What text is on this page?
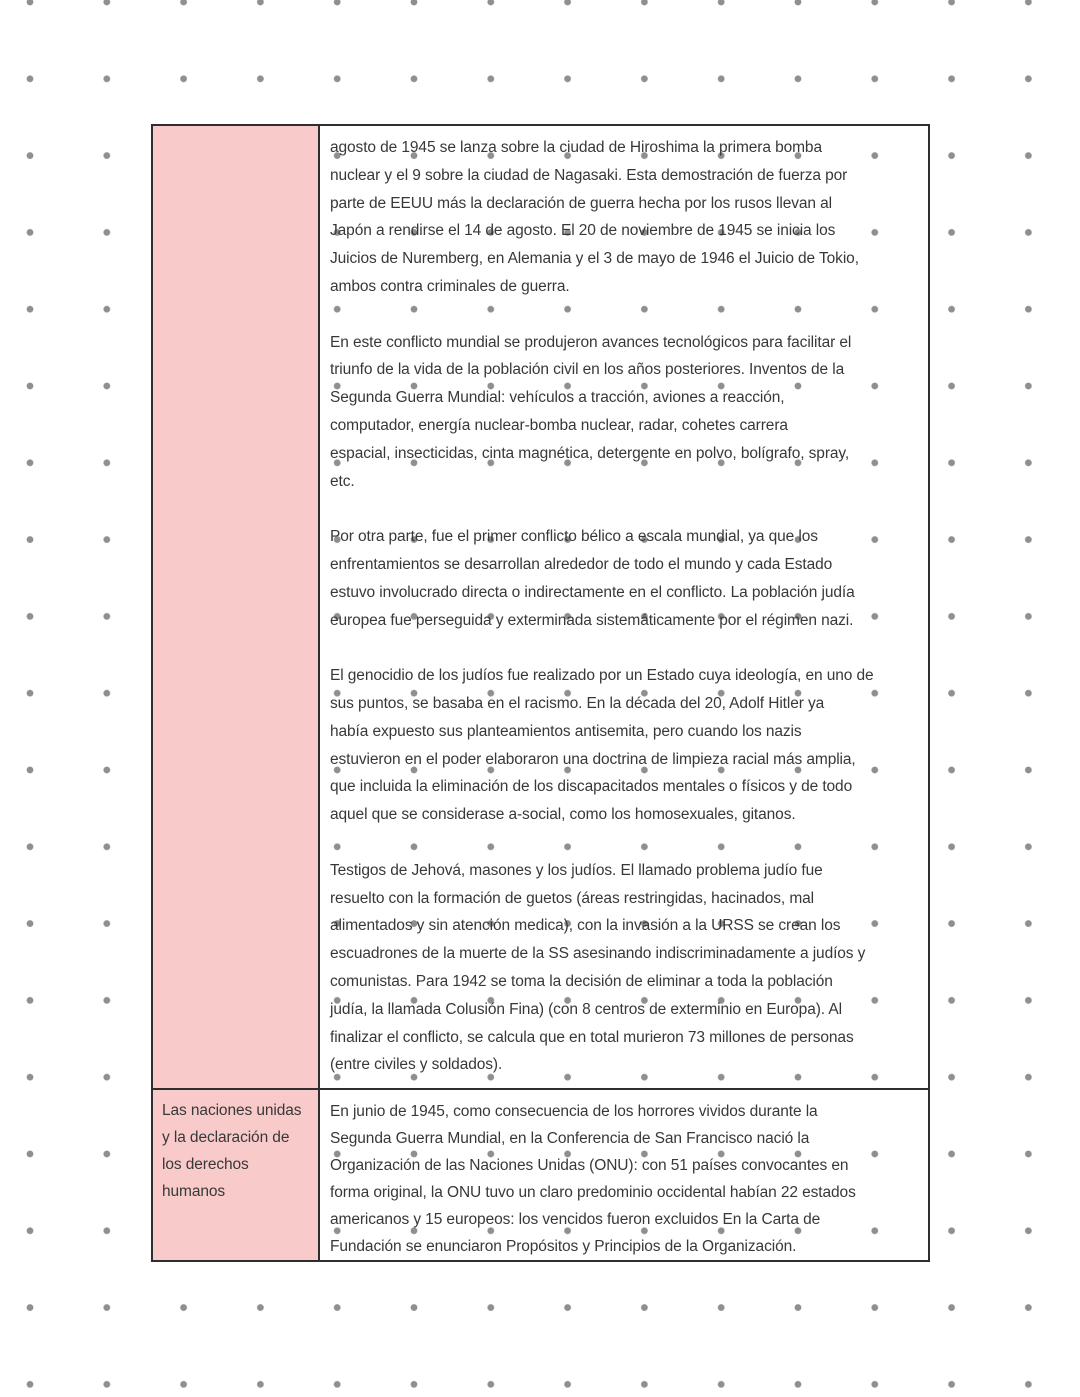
agosto de 1945 se lanza sobre la ciudad de Hiroshima la primera bomba
nuclear y el 9 sobre la ciudad de Nagasaki. Esta demostración de fuerza por
parte de EEUU más la declaración de guerra hecha por los rusos llevan al
Japón a rendirse el 14 de agosto. El 20 de noviembre de 1945 se inicia los
Juicios de Nuremberg, en Alemania y el 3 de mayo de 1946 el Juicio de Tokio,
ambos contra criminales de guerra.
En este conflicto mundial se produjeron avances tecnológicos para facilitar el
triunfo de la vida de la población civil en los años posteriores. Inventos de la
Segunda Guerra Mundial: vehículos a tracción, aviones a reacción,
computador, energía nuclear-bomba nuclear, radar, cohetes carrera
espacial, insecticidas, cinta magnética, detergente en polvo, bolígrafo, spray,
etc.
Por otra parte, fue el primer conflicto bélico a escala mundial, ya que los
enfrentamientos se desarrollan alrededor de todo el mundo y cada Estado
estuvo involucrado directa o indirectamente en el conflicto. La población judía
europea fue perseguida y exterminada sistemáticamente por el régimen nazi.
El genocidio de los judíos fue realizado por un Estado cuya ideología, en uno de
sus puntos, se basaba en el racismo. En la década del 20, Adolf Hitler ya
había expuesto sus planteamientos antisemita, pero cuando los nazis
estuvieron en el poder elaboraron una doctrina de limpieza racial más amplia,
que incluida la eliminación de los discapacitados mentales o físicos y de todo
aquel que se considerase a-social, como los homosexuales, gitanos.
Testigos de Jehová, masones y los judíos. El llamado problema judío fue
resuelto con la formación de guetos (áreas restringidas, hacinados, mal
alimentados y sin atención medica), con la invasión a la URSS se crean los
escuadrones de la muerte de la SS asesinando indiscriminadamente a judíos y
comunistas. Para 1942 se toma la decisión de eliminar a toda la población
judía, la llamada Colusión Fina) (con 8 centros de exterminio en Europa). Al
finalizar el conflicto, se calcula que en total murieron 73 millones de personas
(entre civiles y soldados).
Las naciones unidas
y la declaración de
los derechos
humanos
En junio de 1945, como consecuencia de los horrores vividos durante la
Segunda Guerra Mundial, en la Conferencia de San Francisco nació la
Organización de las Naciones Unidas (ONU): con 51 países convocantes en
forma original, la ONU tuvo un claro predominio occidental habían 22 estados
americanos y 15 europeos: los vencidos fueron excluidos En la Carta de
Fundación se enunciaron Propósitos y Principios de la Organización.
